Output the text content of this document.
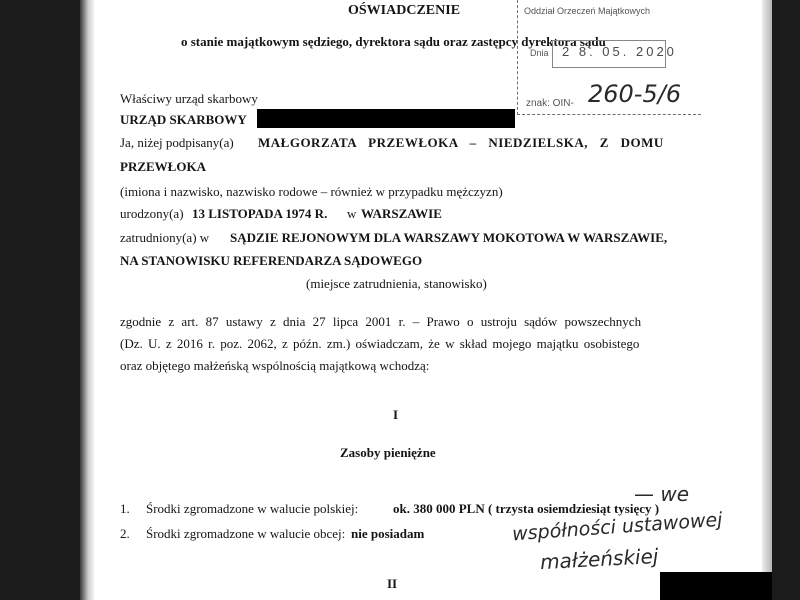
OŚWIADCZENIE
o stanie majątkowym sędziego, dyrektora sądu oraz zastępcy dyrektora sądu
Oddział Orzeczeń Majątkowych
Dnia 2 8. 05. 2020
znak: OIN- 260-5/6
Właściwy urząd skarbowy
URZĄD SKARBOWY
Ja, niżej podpisany(a) MAŁGORZATA PRZEWŁOKA – NIEDZIELSKA, Z DOMU
PRZEWŁOKA
(imiona i nazwisko, nazwisko rodowe – również w przypadku mężczyzn)
urodzony(a) 13 LISTOPADA 1974 R. w WARSZAWIE
zatrudniony(a) w SĄDZIE REJONOWYM DLA WARSZAWY MOKOTOWA W WARSZAWIE,
NA STANOWISKU REFERENDARZA SĄDOWEGO
(miejsce zatrudnienia, stanowisko)
zgodnie z art. 87 ustawy z dnia 27 lipca 2001 r. – Prawo o ustroju sądów powszechnych
(Dz. U. z 2016 r. poz. 2062, z późn. zm.) oświadczam, że w skład mojego majątku osobistego
oraz objętego małżeńską wspólnością majątkową wchodzą:
I
Zasoby pieniężne
1. Środki zgromadzone w walucie polskiej:	ok. 380 000 PLN ( trzysta osiemdziesiąt tysięcy )
2. Środki zgromadzone w walucie obcej: nie posiadam
— we
współności ustawowej
małżeńskiej
II
